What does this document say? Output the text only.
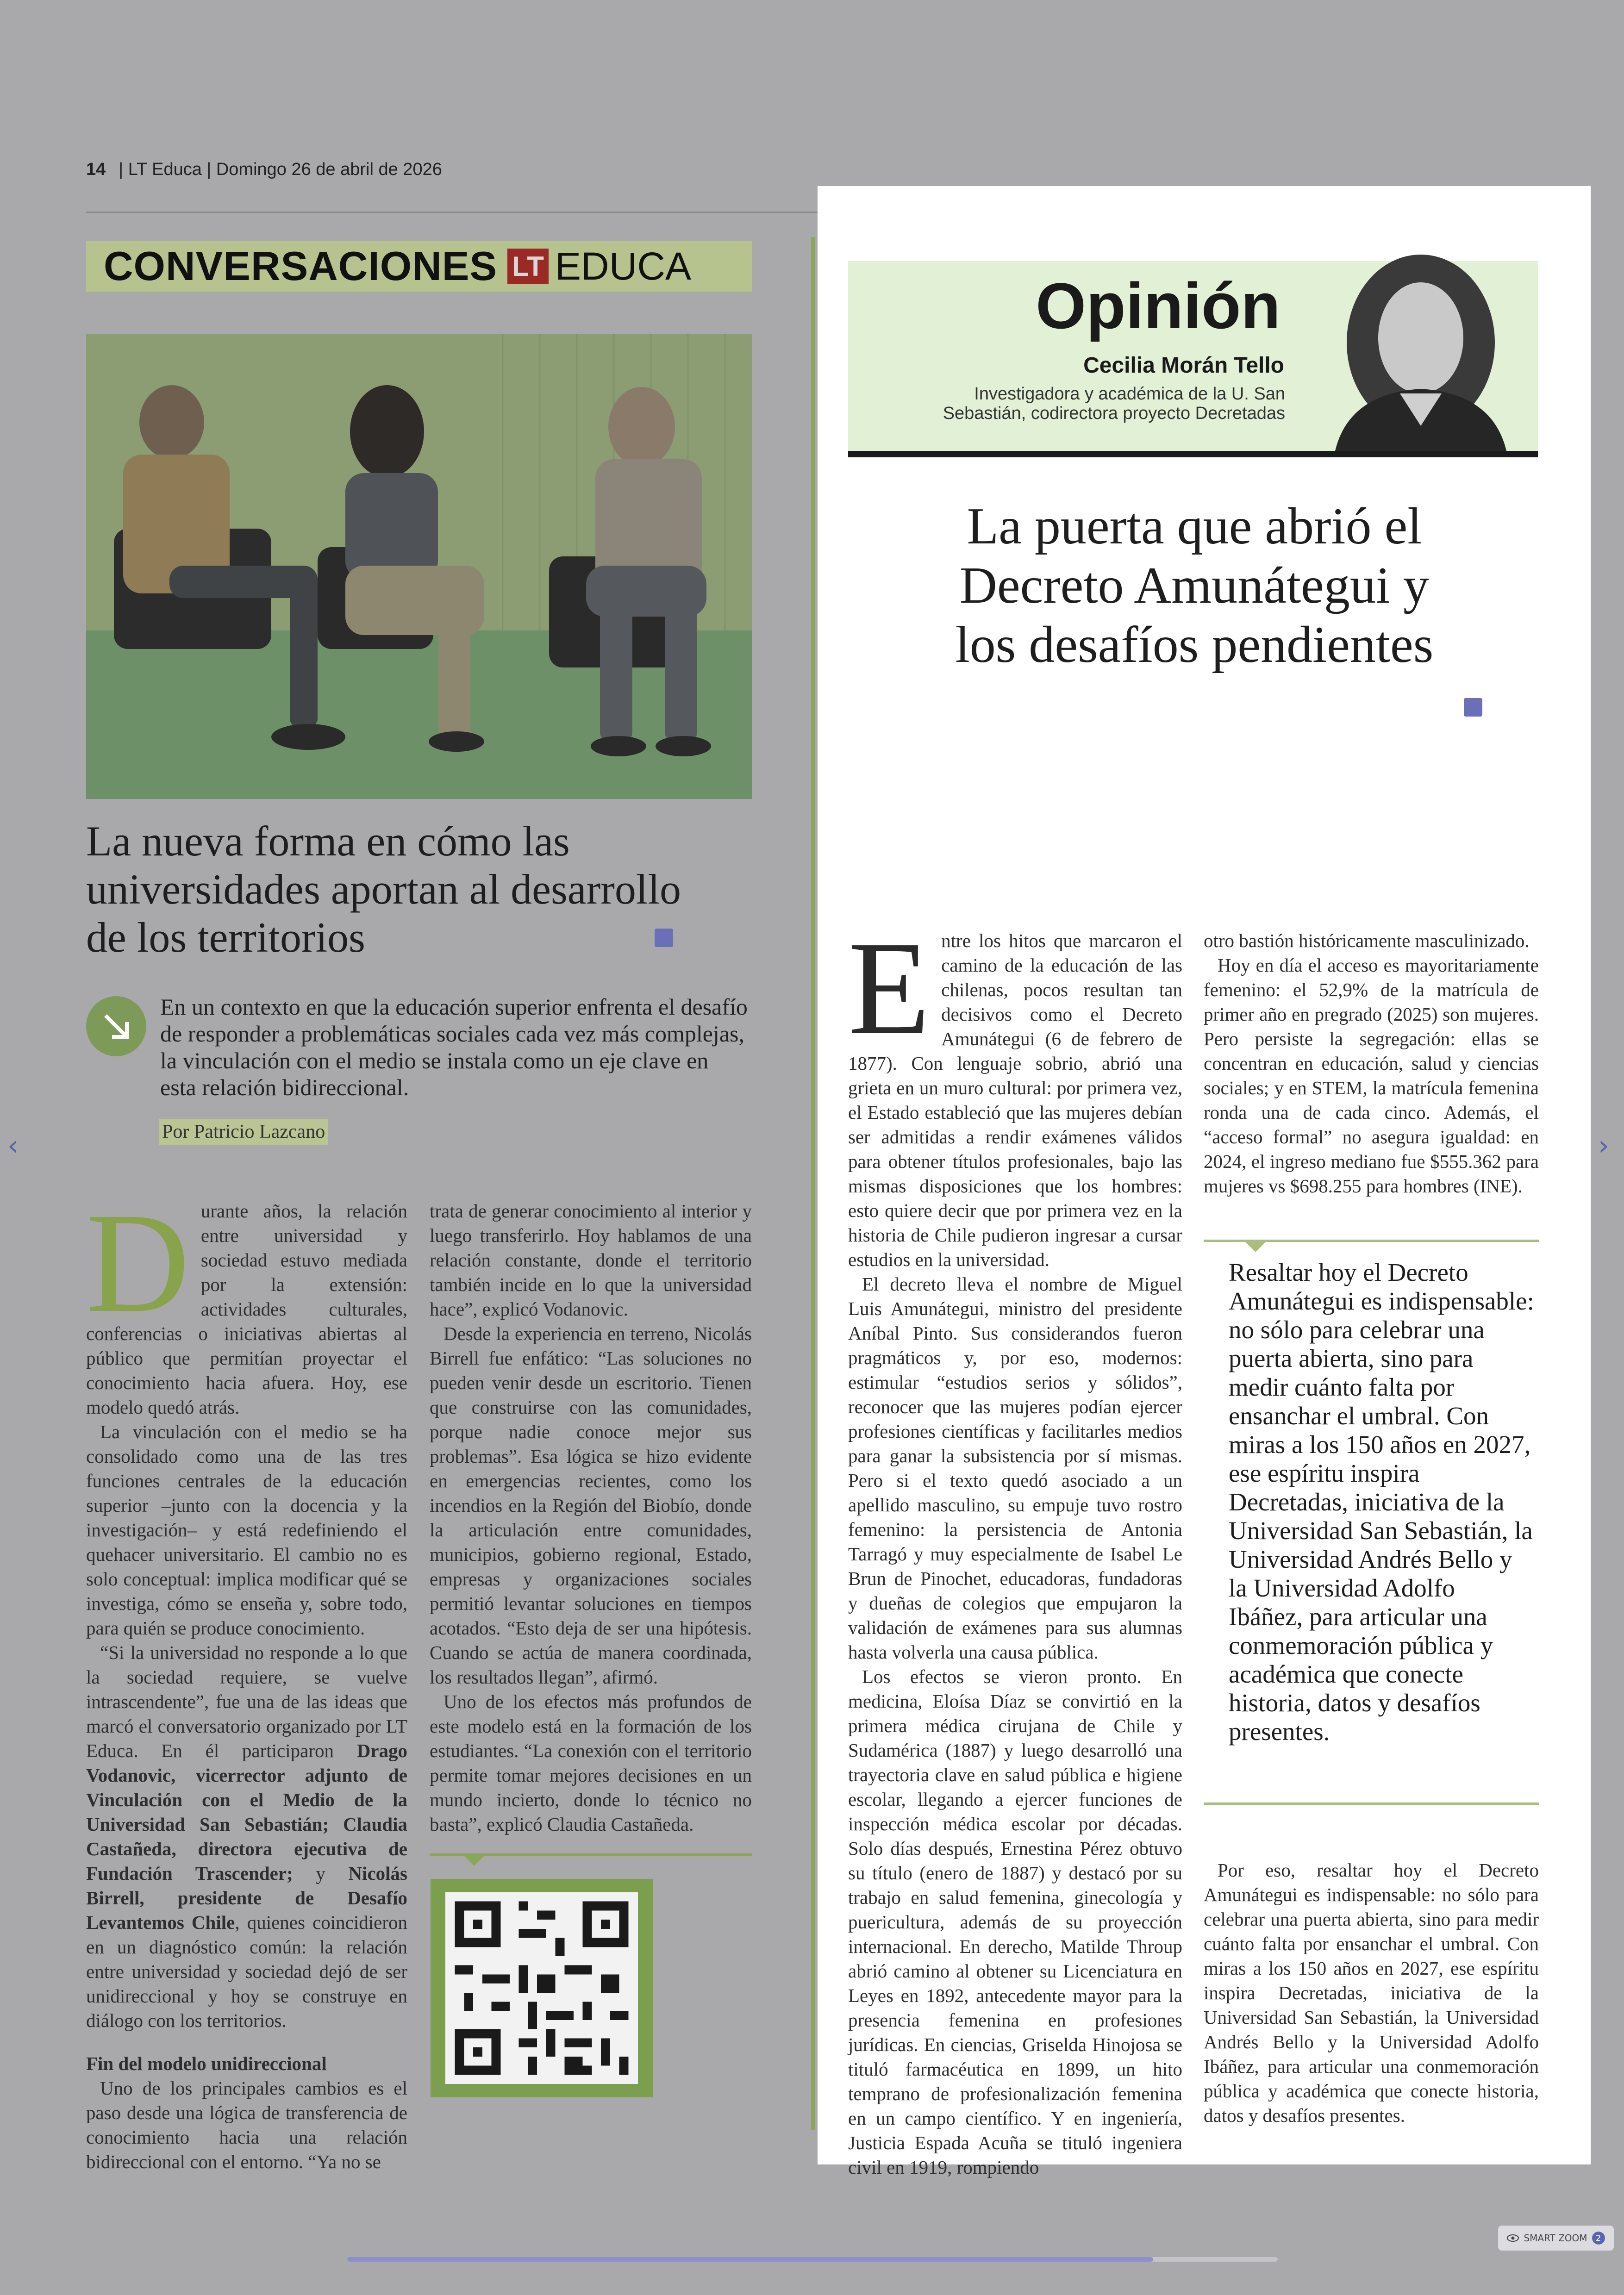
14 | LT Educa | Domingo 26 de abril de 2026
CONVERSACIONES LT EDUCA
La nueva forma en cómo las universidades aportan al desarrollo de los territorios
En un contexto en que la educación superior enfrenta el desafío de responder a problemáticas sociales cada vez más complejas, la vinculación con el medio se instala como un eje clave en esta relación bidireccional.
Por Patricio Lazcano
D urante años, la relación entre universidad y sociedad estuvo mediada por la extensión: actividades culturales, conferencias o iniciativas abiertas al público que permitían proyectar el conocimiento hacia afuera. Hoy, ese modelo quedó atrás.

La vinculación con el medio se ha consolidado como una de las tres funciones centrales de la educación superior –junto con la docencia y la investigación– y está redefiniendo el quehacer universitario. El cambio no es solo conceptual: implica modificar qué se investiga, cómo se enseña y, sobre todo, para quién se produce conocimiento.

“Si la universidad no responde a lo que la sociedad requiere, se vuelve intrascendente”, fue una de las ideas que marcó el conversatorio organizado por LT Educa. En él participaron Drago Vodanovic, vicerrector adjunto de Vinculación con el Medio de la Universidad San Sebastián; Claudia Castañeda, directora ejecutiva de Fundación Trascender; y Nicolás Birrell, presidente de Desafío Levantemos Chile, quienes coincidieron en un diagnóstico común: la relación entre universidad y sociedad dejó de ser unidireccional y hoy se construye en diálogo con los territorios.

Fin del modelo unidireccional

Uno de los principales cambios es el paso desde una lógica de transferencia de conocimiento hacia una relación bidireccional con el entorno. “Ya no se

trata de generar conocimiento al interior y luego transferirlo. Hoy hablamos de una relación constante, donde el territorio también incide en lo que la universidad hace”, explicó Vodanovic.

Desde la experiencia en terreno, Nicolás Birrell fue enfático: “Las soluciones no pueden venir desde un escritorio. Tienen que construirse con las comunidades, porque nadie conoce mejor sus problemas”. Esa lógica se hizo evidente en emergencias recientes, como los incendios en la Región del Biobío, donde la articulación entre comunidades, municipios, gobierno regional, Estado, empresas y organizaciones sociales permitió levantar soluciones en tiempos acotados. “Esto deja de ser una hipótesis. Cuando se actúa de manera coordinada, los resultados llegan”, afirmó.

Uno de los efectos más profundos de este modelo está en la formación de los estudiantes. “La conexión con el territorio permite tomar mejores decisiones en un mundo incierto, donde lo técnico no basta”, explicó Claudia Castañeda.

Opinión
Cecilia Morán Tello
Investigadora y académica de la U. San
Sebastián, codirectora proyecto Decretadas
La puerta que abrió el Decreto Amunátegui y los desafíos pendientes
E ntre los hitos que marcaron el camino de la educación de las chilenas, pocos resultan tan decisivos como el Decreto Amunátegui (6 de febrero de 1877). Con lenguaje sobrio, abrió una grieta en un muro cultural: por primera vez, el Estado estableció que las mujeres debían ser admitidas a rendir exámenes válidos para obtener títulos profesionales, bajo las mismas disposiciones que los hombres: esto quiere decir que por primera vez en la historia de Chile pudieron ingresar a cursar estudios en la universidad.

El decreto lleva el nombre de Miguel Luis Amunátegui, ministro del presidente Aníbal Pinto. Sus considerandos fueron pragmáticos y, por eso, modernos: estimular “estudios serios y sólidos”, reconocer que las mujeres podían ejercer profesiones científicas y facilitarles medios para ganar la subsistencia por sí mismas. Pero si el texto quedó asociado a un apellido masculino, su empuje tuvo rostro femenino: la persistencia de Antonia Tarragó y muy especialmente de Isabel Le Brun de Pinochet, educadoras, fundadoras y dueñas de colegios que empujaron la validación de exámenes para sus alumnas hasta volverla una causa pública.

Los efectos se vieron pronto. En medicina, Eloísa Díaz se convirtió en la primera médica cirujana de Chile y Sudamérica (1887) y luego desarrolló una trayectoria clave en salud pública e higiene escolar, llegando a ejercer funciones de inspección médica escolar por décadas. Solo días después, Ernestina Pérez obtuvo su título (enero de 1887) y destacó por su trabajo en salud femenina, ginecología y puericultura, además de su proyección internacional. En derecho, Matilde Throup abrió camino al obtener su Licenciatura en Leyes en 1892, antecedente mayor para la presencia femenina en profesiones jurídicas. En ciencias, Griselda Hinojosa se tituló farmacéutica en 1899, un hito temprano de profesionalización femenina en un campo científico. Y en ingeniería, Justicia Espada Acuña se tituló ingeniera civil en 1919, rompiendo

otro bastión históricamente masculinizado.

Hoy en día el acceso es mayoritariamente femenino: el 52,9% de la matrícula de primer año en pregrado (2025) son mujeres. Pero persiste la segregación: ellas se concentran en educación, salud y ciencias sociales; y en STEM, la matrícula femenina ronda una de cada cinco. Además, el “acceso formal” no asegura igualdad: en 2024, el ingreso mediano fue $555.362 para mujeres vs $698.255 para hombres (INE).

Resaltar hoy el Decreto Amunátegui es indispensable: no sólo para celebrar una puerta abierta, sino para medir cuánto falta por ensanchar el umbral. Con miras a los 150 años en 2027, ese espíritu inspira Decretadas, iniciativa de la Universidad San Sebastián, la Universidad Andrés Bello y la Universidad Adolfo Ibáñez, para articular una conmemoración pública y académica que conecte historia, datos y desafíos presentes.

Por eso, resaltar hoy el Decreto Amunátegui es indispensable: no sólo para celebrar una puerta abierta, sino para medir cuánto falta por ensanchar el umbral. Con miras a los 150 años en 2027, ese espíritu inspira Decretadas, iniciativa de la Universidad San Sebastián, la Universidad Andrés Bello y la Universidad Adolfo Ibáñez, para articular una conmemoración pública y académica que conecte historia, datos y desafíos presentes.

‹	›
SMART ZOOM	2
